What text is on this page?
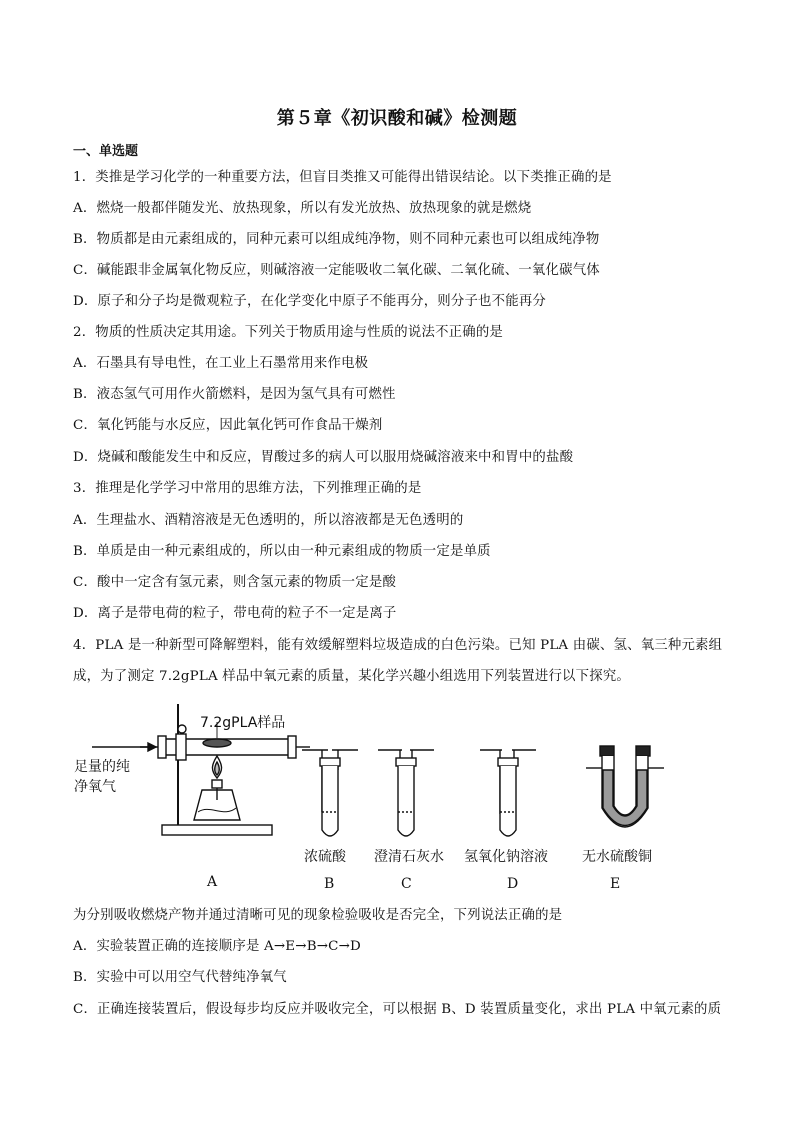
第５章《初识酸和碱》检测题
一、单选题
1．类推是学习化学的一种重要方法，但盲目类推又可能得出错误结论。以下类推正确的是
A．燃烧一般都伴随发光、放热现象，所以有发光放热、放热现象的就是燃烧
B．物质都是由元素组成的，同种元素可以组成纯净物，则不同种元素也可以组成纯净物
C．碱能跟非金属氧化物反应，则碱溶液一定能吸收二氧化碳、二氧化硫、一氧化碳气体
D．原子和分子均是微观粒子，在化学变化中原子不能再分，则分子也不能再分
2．物质的性质决定其用途。下列关于物质用途与性质的说法不正确的是
A．石墨具有导电性，在工业上石墨常用来作电极
B．液态氢气可用作火箭燃料，是因为氢气具有可燃性
C．氧化钙能与水反应，因此氧化钙可作食品干燥剂
D．烧碱和酸能发生中和反应，胃酸过多的病人可以服用烧碱溶液来中和胃中的盐酸
3．推理是化学学习中常用的思维方法，下列推理正确的是
A．生理盐水、酒精溶液是无色透明的，所以溶液都是无色透明的
B．单质是由一种元素组成的，所以由一种元素组成的物质一定是单质
C．酸中一定含有氢元素，则含氢元素的物质一定是酸
D．离子是带电荷的粒子，带电荷的粒子不一定是离子
4．PLA 是一种新型可降解塑料，能有效缓解塑料垃圾造成的白色污染。已知 PLA 由碳、氢、氧三种元素组
成，为了测定 7.2gPLA 样品中氧元素的质量，某化学兴趣小组选用下列装置进行以下探究。
7.2gPLA样品
足量的纯
净氧气
浓硫酸 澄清石灰水 氢氧化钠溶液 无水硫酸铜
A	B	C	D	E
为分别吸收燃烧产物并通过清晰可见的现象检验吸收是否完全，下列说法正确的是
A．实验装置正确的连接顺序是 A→E→B→C→D
B．实验中可以用空气代替纯净氧气
C．正确连接装置后，假设每步均反应并吸收完全，可以根据 B、D 装置质量变化，求出 PLA 中氧元素的质
